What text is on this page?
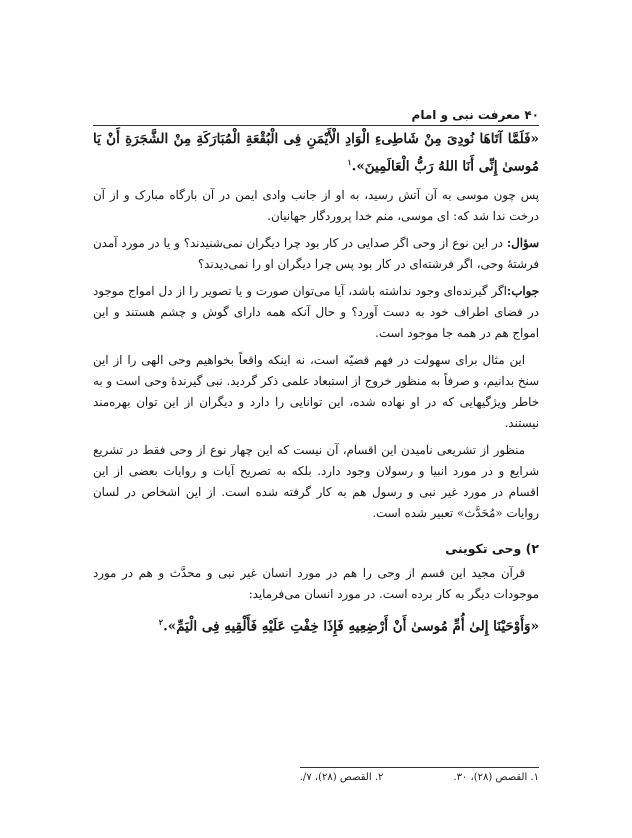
۴۰ معرفت نبی و امام

«فَلَمَّا آتَاهَا نُودِیَ مِنْ شَاطِیءِ الْوَادِ الْأَیْمَنِ فِی الْبُقْعَةِ الْمُبَارَکَةِ مِنْ الشَّجَرَةِ أَنْ یَا مُوسیٰ إِنِّی أَنَا اللهُ رَبُّ الْعَالَمِینَ».$^۱$

پس چون موسی به آن آتش رسید، به او از جانب وادی ایمن در آن بارگاه مبارک و از آن درخت ندا شد که: ای موسی، منم خدا پروردگار جهانیان.

سؤال: در این نوع از وحی اگر صدایی در کار بود چرا دیگران نمی‌شنیدند؟ و یا در مورد آمدن فرشتهٔ وحی، اگر فرشته‌ای در کار بود پس چرا دیگران او را نمی‌دیدند؟

جواب:اگر گیرنده‌ای وجود نداشته باشد، آیا می‌توان صورت و یا تصویر را از دل امواج موجود در فضای اطراف خود به دست آورد؟ و حال آنکه همه دارای گوش و چشم هستند و این امواج هم در همه جا موجود است.

این مثال برای سهولت در فهم قضیّه است، نه اینکه واقعاً بخواهیم وحی الهی را از این سنخ بدانیم، و صرفاً به منظور خروج از استبعاد علمی ذکر گردید. نبی گیرندهٔ وحی است و به خاطر ویژگیهایی که در او نهاده شده، این توانایی را دارد و دیگران از این توان بهره‌مند نیستند.

منظور از تشریعی نامیدن این اقسام، آن نیست که این چهار نوع از وحی فقط در تشریع شرایع و در مورد انبیا و رسولان وجود دارد. بلکه به تصریح آیات و روایات بعضی از این اقسام در مورد غیر نبی و رسول هم به کار گرفته شده است. از این اشخاص در لسان روایات «مُحَدَّث» تعبیر شده است.

۲) وحی تکوینی

قرآن مجید این قسم از وحی را هم در مورد انسان غیر نبی و محدَّث و هم در مورد موجودات دیگر به کار برده است. در مورد انسان می‌فرماید:

«وَأَوْحَیْنَا إِلیٰ أُمِّ مُوسیٰ أَنْ أَرْضِعِیهِ فَإِذَا خِفْتِ عَلَیْهِ فَأَلْقِیهِ فِی الْیَمِّ».$^۲$

۱. القصص (۲۸)، ۳۰.
۲. القصص (۲۸)، ۷/.
